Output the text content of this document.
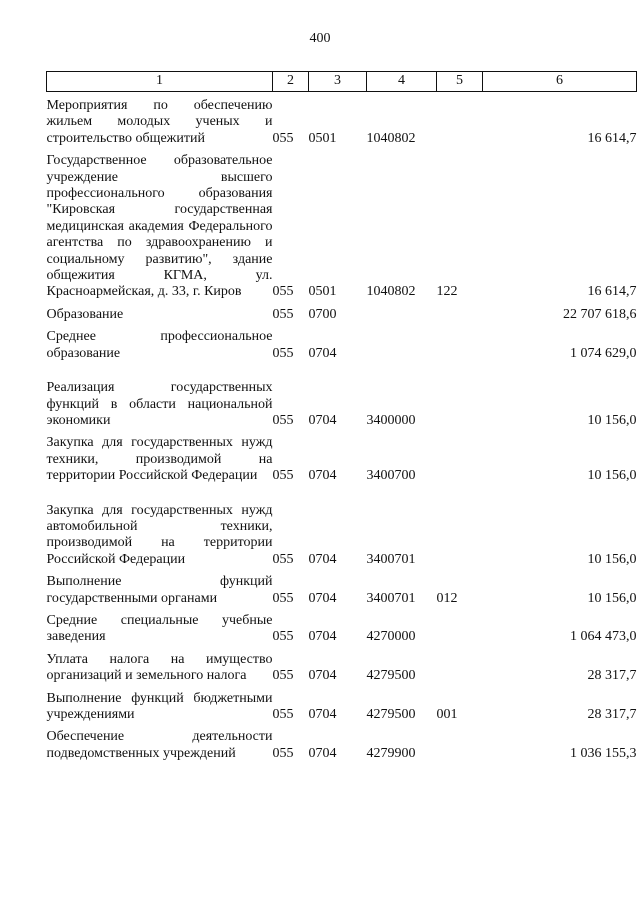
400
1	2	3	4	5	6
Мероприятия по обеспечению жильем молодых ученых и строительство общежитий	055	0501	1040802		16 614,7
Государственное образовательное учреждение высшего профессионального образования "Кировская государственная медицинская академия Федерального агентства по здравоохранению и социальному развитию", здание общежития КГМА, ул. Красноармейская, д. 33, г. Киров	055	0501	1040802	122	16 614,7
Образование	055	0700			22 707 618,6
Среднее профессиональное образование	055	0704			1 074 629,0
Реализация государственных функций в области национальной экономики	055	0704	3400000		10 156,0
Закупка для государственных нужд техники, производимой на территории Российской Федерации	055	0704	3400700		10 156,0
Закупка для государственных нужд автомобильной техники, производимой на территории Российской Федерации	055	0704	3400701		10 156,0
Выполнение функций государственными органами	055	0704	3400701	012	10 156,0
Средние специальные учебные заведения	055	0704	4270000		1 064 473,0
Уплата налога на имущество организаций и земельного налога	055	0704	4279500		28 317,7
Выполнение функций бюджетными учреждениями	055	0704	4279500	001	28 317,7
Обеспечение деятельности подведомственных учреждений	055	0704	4279900		1 036 155,3
